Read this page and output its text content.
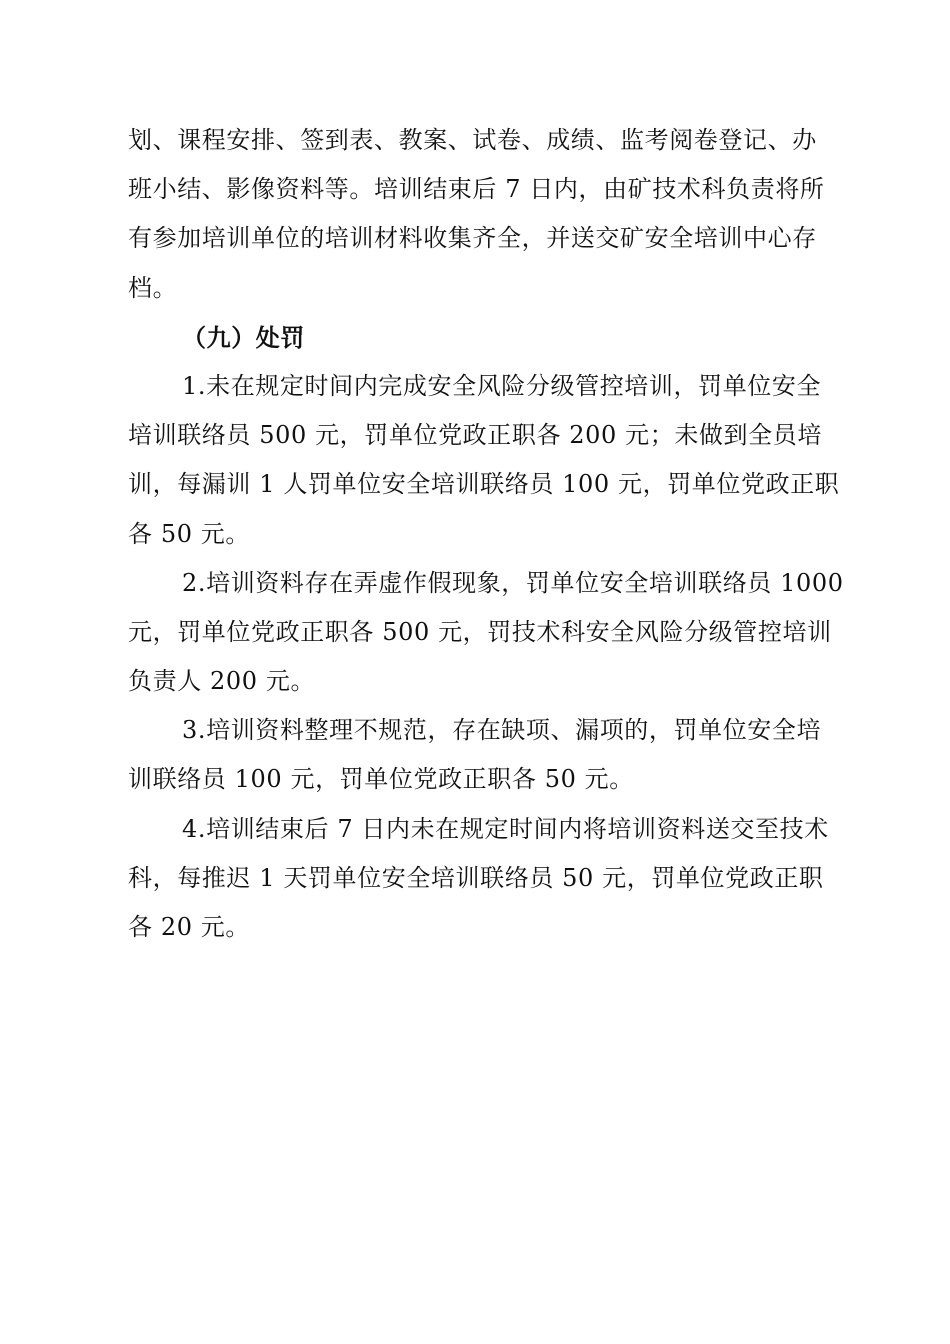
划、课程安排、签到表、教案、试卷、成绩、监考阅卷登记、办
班小结、影像资料等。培训结束后 7 日内，由矿技术科负责将所
有参加培训单位的培训材料收集齐全，并送交矿安全培训中心存
档。
（九）处罚
1.未在规定时间内完成安全风险分级管控培训，罚单位安全
培训联络员 500 元，罚单位党政正职各 200 元；未做到全员培
训，每漏训 1 人罚单位安全培训联络员 100 元，罚单位党政正职
各 50 元。
2.培训资料存在弄虚作假现象，罚单位安全培训联络员 1000
元，罚单位党政正职各 500 元，罚技术科安全风险分级管控培训
负责人 200 元。
3.培训资料整理不规范，存在缺项、漏项的，罚单位安全培
训联络员 100 元，罚单位党政正职各 50 元。
4.培训结束后 7 日内未在规定时间内将培训资料送交至技术
科，每推迟 1 天罚单位安全培训联络员 50 元，罚单位党政正职
各 20 元。
